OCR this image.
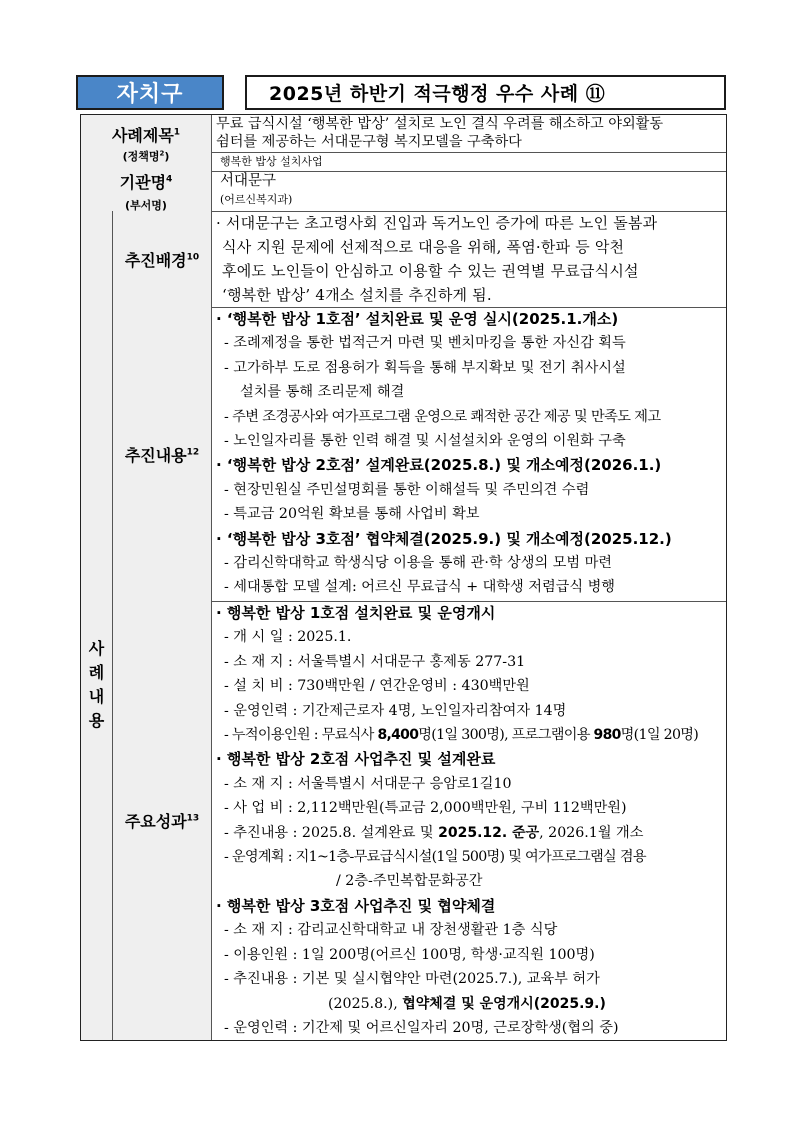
자치구	2025년 하반기 적극행정 우수 사례 ⑪
사례제목$^1$
(정책명$^2$)
무료 급식시설 ‘행복한 밥상’ 설치로 노인 결식 우려를 해소하고 야외활동
쉼터를 제공하는 서대문구형 복지모델을 구축하다
행복한 밥상 설치사업
기관명$^4$
(부서명)
서대문구
(어르신복지과)
사
례
내
용
추진배경$^{10}$
· 서대문구는 초고령사회 진입과 독거노인 증가에 따른 노인 돌봄과
식사 지원 문제에 선제적으로 대응을 위해, 폭염·한파 등 악천
후에도 노인들이 안심하고 이용할 수 있는 권역별 무료급식시설
‘행복한 밥상’ 4개소 설치를 추진하게 됨.
추진내용$^{12}$
· ‘행복한 밥상 1호점’ 설치완료 및 운영 실시(2025.1.개소)
- 조례제정을 통한 법적근거 마련 및 벤치마킹을 통한 자신감 획득
- 고가하부 도로 점용허가 획득을 통해 부지확보 및 전기 취사시설
설치를 통해 조리문제 해결
- 주변 조경공사와 여가프로그램 운영으로 쾌적한 공간 제공 및 만족도 제고
- 노인일자리를 통한 인력 해결 및 시설설치와 운영의 이원화 구축
· ‘행복한 밥상 2호점’ 설계완료(2025.8.) 및 개소예정(2026.1.)
- 현장민원실 주민설명회를 통한 이해설득 및 주민의견 수렴
- 특교금 20억원 확보를 통해 사업비 확보
· ‘행복한 밥상 3호점’ 협약체결(2025.9.) 및 개소예정(2025.12.)
- 감리신학대학교 학생식당 이용을 통해 관·학 상생의 모범 마련
- 세대통합 모델 설계: 어르신 무료급식 + 대학생 저렴급식 병행
주요성과$^{13}$
· 행복한 밥상 1호점 설치완료 및 운영개시
- 개 시 일 : 2025.1.
- 소 재 지 : 서울특별시 서대문구 홍제동 277-31
- 설 치 비 : 730백만원 / 연간운영비 : 430백만원
- 운영인력 : 기간제근로자 4명, 노인일자리참여자 14명
- 누적이용인원 : 무료식사 8,400명(1일 300명), 프로그램이용 980명(1일 20명)
· 행복한 밥상 2호점 사업추진 및 설계완료
- 소 재 지 : 서울특별시 서대문구 응암로1길10
- 사 업 비 : 2,112백만원(특교금 2,000백만원, 구비 112백만원)
- 추진내용 : 2025.8. 설계완료 및 2025.12. 준공, 2026.1월 개소
- 운영계획 : 지1~1층-무료급식시설(1일 500명) 및 여가프로그램실 겸용
/ 2층-주민복합문화공간
· 행복한 밥상 3호점 사업추진 및 협약체결
- 소 재 지 : 감리교신학대학교 내 장천생활관 1층 식당
- 이용인원 : 1일 200명(어르신 100명, 학생·교직원 100명)
- 추진내용 : 기본 및 실시협약안 마련(2025.7.), 교육부 허가
(2025.8.), 협약체결 및 운영개시(2025.9.)
- 운영인력 : 기간제 및 어르신일자리 20명, 근로장학생(협의 중)
